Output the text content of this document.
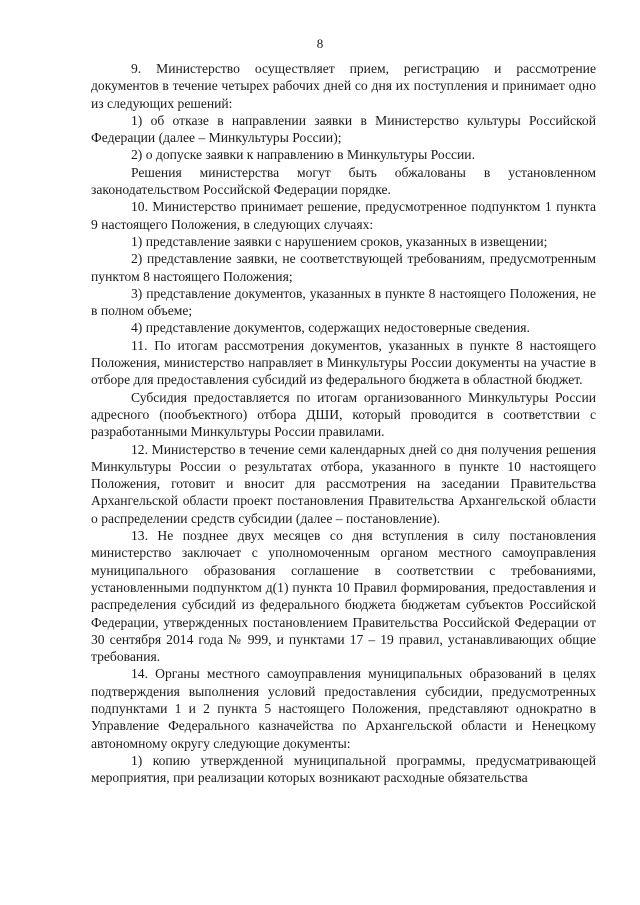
8

9. Министерство осуществляет прием, регистрацию и рассмотрение документов в течение четырех рабочих дней со дня их поступления и принимает одно из следующих решений:

1) об отказе в направлении заявки в Министерство культуры Российской Федерации (далее – Минкультуры России);

2) о допуске заявки к направлению в Минкультуры России.

Решения министерства могут быть обжалованы в установленном законодательством Российской Федерации порядке.

10. Министерство принимает решение, предусмотренное подпунктом 1 пункта 9 настоящего Положения, в следующих случаях:

1) представление заявки с нарушением сроков, указанных в извещении;

2) представление заявки, не соответствующей требованиям, предусмотренным пунктом 8 настоящего Положения;

3) представление документов, указанных в пункте 8 настоящего Положения, не в полном объеме;

4) представление документов, содержащих недостоверные сведения.

11. По итогам рассмотрения документов, указанных в пункте 8 настоящего Положения, министерство направляет в Минкультуры России документы на участие в отборе для предоставления субсидий из федерального бюджета в областной бюджет.

Субсидия предоставляется по итогам организованного Минкультуры России адресного (пообъектного) отбора ДШИ, который проводится в соответствии с разработанными Минкультуры России правилами.

12. Министерство в течение семи календарных дней со дня получения решения Минкультуры России о результатах отбора, указанного в пункте 10 настоящего Положения, готовит и вносит для рассмотрения на заседании Правительства Архангельской области проект постановления Правительства Архангельской области о распределении средств субсидии (далее – постановление).

13. Не позднее двух месяцев со дня вступления в силу постановления министерство заключает с уполномоченным органом местного самоуправления муниципального образования соглашение в соответствии с требованиями, установленными подпунктом д(1) пункта 10 Правил формирования, предоставления и распределения субсидий из федерального бюджета бюджетам субъектов Российской Федерации, утвержденных постановлением Правительства Российской Федерации от 30 сентября 2014 года № 999, и пунктами 17 – 19 правил, устанавливающих общие требования.

14. Органы местного самоуправления муниципальных образований в целях подтверждения выполнения условий предоставления субсидии, предусмотренных подпунктами 1 и 2 пункта 5 настоящего Положения, представляют однократно в Управление Федерального казначейства по Архангельской области и Ненецкому автономному округу следующие документы:

1) копию утвержденной муниципальной программы, предусматривающей мероприятия, при реализации которых возникают расходные обязательства
